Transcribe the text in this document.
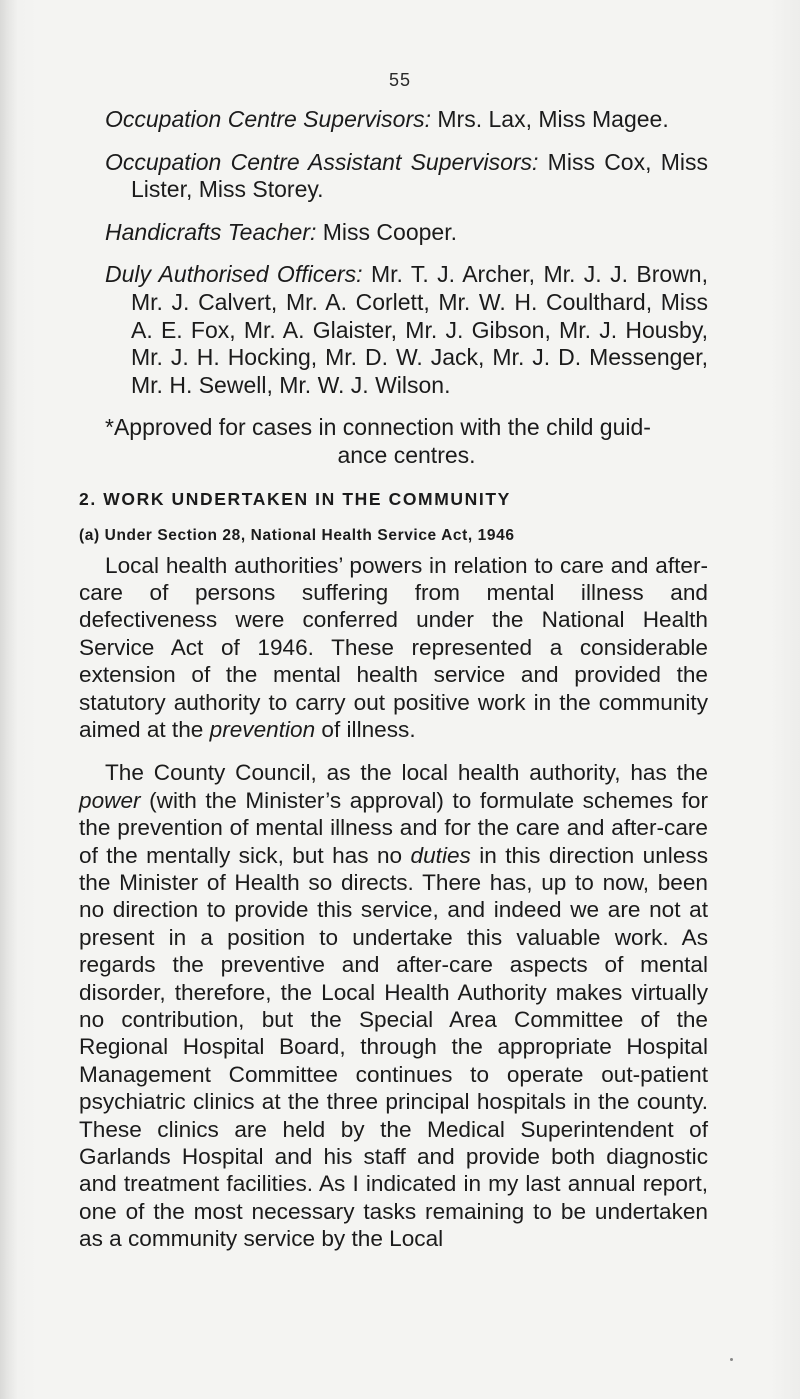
55

Occupation Centre Supervisors: Mrs. Lax, Miss Magee.

Occupation Centre Assistant Supervisors: Miss Cox, Miss Lister, Miss Storey.

Handicrafts Teacher: Miss Cooper.

Duly Authorised Officers: Mr. T. J. Archer, Mr. J. J. Brown, Mr. J. Calvert, Mr. A. Corlett, Mr. W. H. Coulthard, Miss A. E. Fox, Mr. A. Glaister, Mr. J. Gibson, Mr. J. Housby, Mr. J. H. Hocking, Mr. D. W. Jack, Mr. J. D. Messenger, Mr. H. Sewell, Mr. W. J. Wilson.

*Approved for cases in connection with the child guid-
ance centres.

2. WORK UNDERTAKEN IN THE COMMUNITY
(a) Under Section 28, National Health Service Act, 1946

Local health authorities’ powers in relation to care and after-care of persons suffering from mental illness and defectiveness were conferred under the National Health Service Act of 1946. These represented a considerable extension of the mental health service and provided the statutory authority to carry out positive work in the community aimed at the prevention of illness.

The County Council, as the local health authority, has the power (with the Minister’s approval) to formulate schemes for the prevention of mental illness and for the care and after-care of the mentally sick, but has no duties in this direction unless the Minister of Health so directs. There has, up to now, been no direction to provide this service, and indeed we are not at present in a position to undertake this valuable work. As regards the preventive and after-care aspects of mental disorder, therefore, the Local Health Authority makes virtually no contribution, but the Special Area Committee of the Regional Hospital Board, through the appropriate Hospital Management Committee continues to operate out-patient psychiatric clinics at the three principal hospitals in the county. These clinics are held by the Medical Superintendent of Garlands Hospital and his staff and provide both diagnostic and treatment facilities. As I indicated in my last annual report, one of the most necessary tasks remaining to be undertaken as a community service by the Local
